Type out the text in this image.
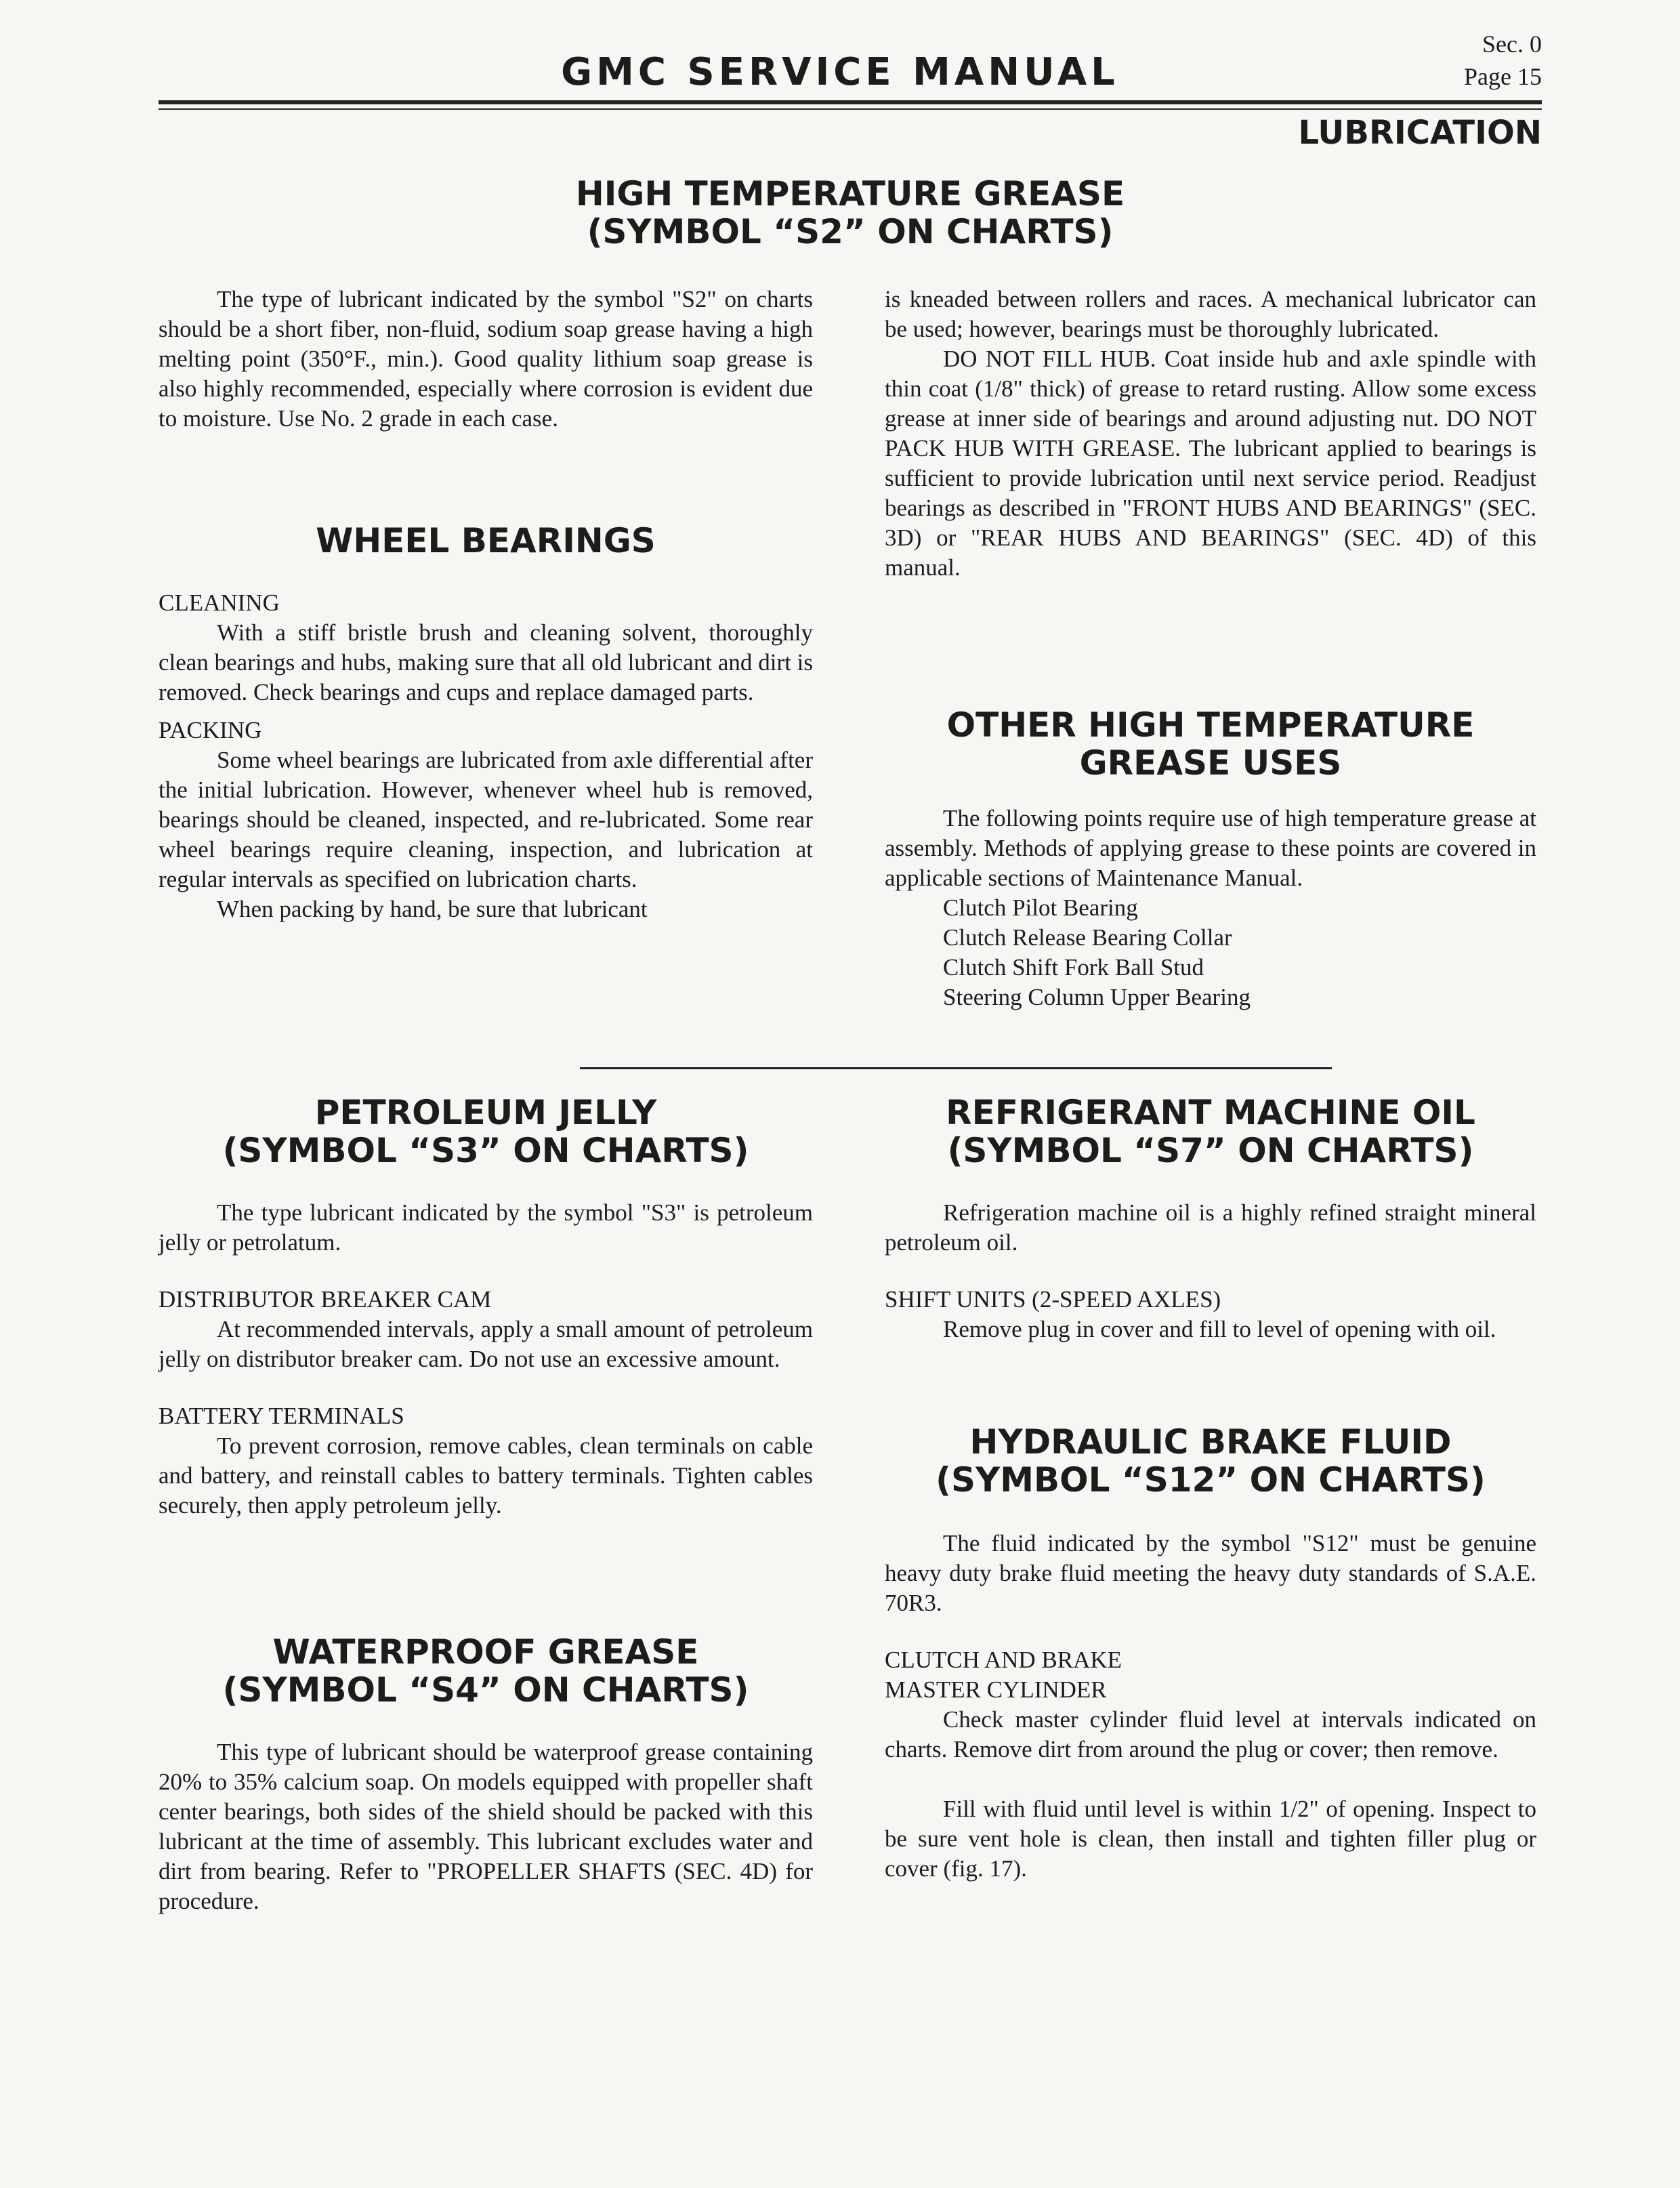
Sec. 0
Page 15
GMC SERVICE MANUAL
LUBRICATION
HIGH TEMPERATURE GREASE
(SYMBOL “S2” ON CHARTS)

The type of lubricant indicated by the symbol "S2" on charts should be a short fiber, non-fluid, sodium soap grease having a high melting point (350°F., min.). Good quality lithium soap grease is also highly recommended, especially where corrosion is evident due to moisture. Use No. 2 grade in each case.

WHEEL BEARINGS
CLEANING

With a stiff bristle brush and cleaning solvent, thoroughly clean bearings and hubs, making sure that all old lubricant and dirt is removed. Check bearings and cups and replace damaged parts.

PACKING

Some wheel bearings are lubricated from axle differential after the initial lubrication. However, whenever wheel hub is removed, bearings should be cleaned, inspected, and re-lubricated. Some rear wheel bearings require cleaning, inspection, and lubrication at regular intervals as specified on lubrication charts.

When packing by hand, be sure that lubricant

is kneaded between rollers and races. A mechanical lubricator can be used; however, bearings must be thoroughly lubricated.

DO NOT FILL HUB. Coat inside hub and axle spindle with thin coat (1/8" thick) of grease to retard rusting. Allow some excess grease at inner side of bearings and around adjusting nut. DO NOT PACK HUB WITH GREASE. The lubricant applied to bearings is sufficient to provide lubrication until next service period. Readjust bearings as described in "FRONT HUBS AND BEARINGS" (SEC. 3D) or "REAR HUBS AND BEARINGS" (SEC. 4D) of this manual.

OTHER HIGH TEMPERATURE
GREASE USES

The following points require use of high temperature grease at assembly. Methods of applying grease to these points are covered in applicable sections of Maintenance Manual.

Clutch Pilot Bearing
Clutch Release Bearing Collar
Clutch Shift Fork Ball Stud
Steering Column Upper Bearing
PETROLEUM JELLY
(SYMBOL “S3” ON CHARTS)

The type lubricant indicated by the symbol "S3" is petroleum jelly or petrolatum.

DISTRIBUTOR BREAKER CAM

At recommended intervals, apply a small amount of petroleum jelly on distributor breaker cam. Do not use an excessive amount.

BATTERY TERMINALS

To prevent corrosion, remove cables, clean terminals on cable and battery, and reinstall cables to battery terminals. Tighten cables securely, then apply petroleum jelly.

WATERPROOF GREASE
(SYMBOL “S4” ON CHARTS)

This type of lubricant should be waterproof grease containing 20% to 35% calcium soap. On models equipped with propeller shaft center bearings, both sides of the shield should be packed with this lubricant at the time of assembly. This lubricant excludes water and dirt from bearing. Refer to "PROPELLER SHAFTS (SEC. 4D) for procedure.

REFRIGERANT MACHINE OIL
(SYMBOL “S7” ON CHARTS)

Refrigeration machine oil is a highly refined straight mineral petroleum oil.

SHIFT UNITS (2-SPEED AXLES)

Remove plug in cover and fill to level of opening with oil.

HYDRAULIC BRAKE FLUID
(SYMBOL “S12” ON CHARTS)

The fluid indicated by the symbol "S12" must be genuine heavy duty brake fluid meeting the heavy duty standards of S.A.E. 70R3.

CLUTCH AND BRAKE
MASTER CYLINDER

Check master cylinder fluid level at intervals indicated on charts. Remove dirt from around the plug or cover; then remove.

Fill with fluid until level is within 1/2" of opening. Inspect to be sure vent hole is clean, then install and tighten filler plug or cover (fig. 17).
